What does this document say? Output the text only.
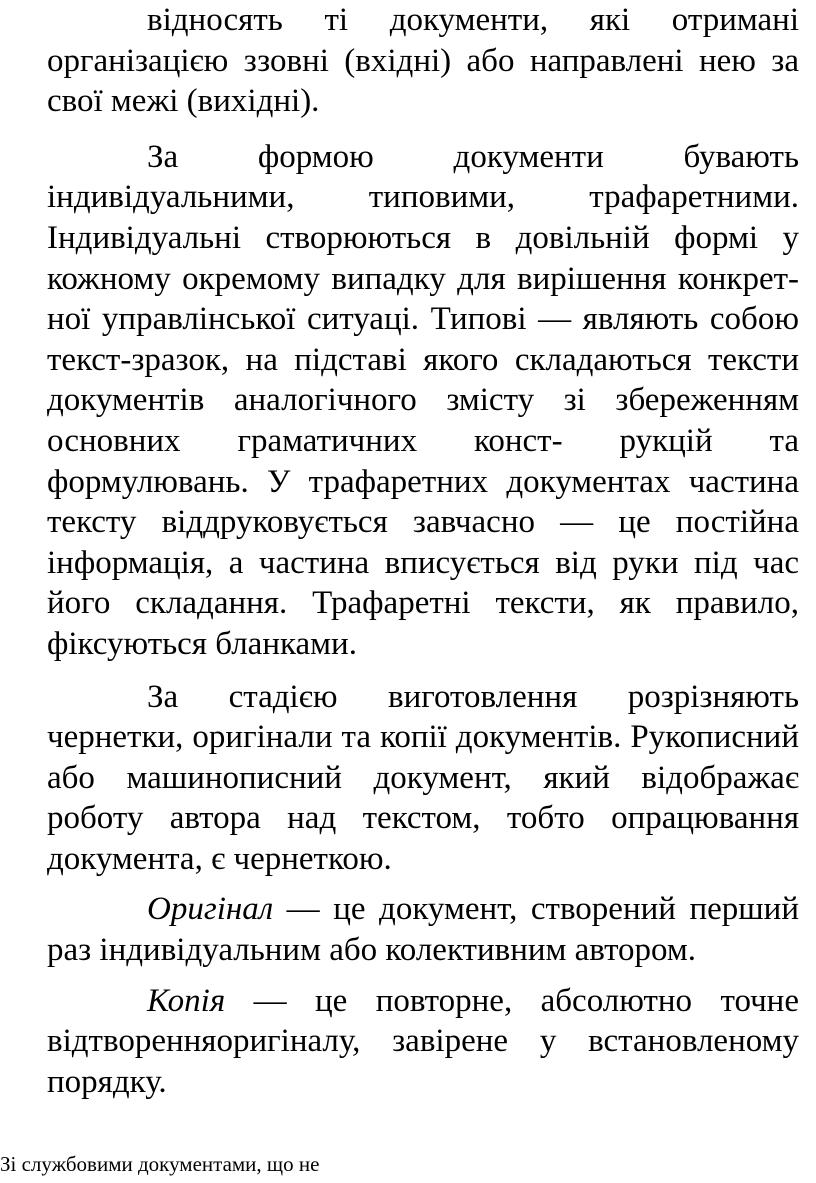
відносять ті документи, які отримані організацією ззовні (вхідні) або направлені нею за свої межі (вихідні).

За формою документи бувають індивідуальними, типовими, трафаретними. Індивідуальні створюються в довільній формі у кожному окремому випадку для вирішення конкрет- ної управлінської ситуаці. Типові — являють собою текст-зразок, на підставі якого складаються тексти документів аналогічного змісту зі збереженням основних граматичних конст- рукцій та формулювань. У трафаретних документах частина тексту віддруковується завчасно — це постійна інформація, а частина вписується від руки під час його складання. Трафаретні тексти, як правило, фіксуються бланками.

За стадією виготовлення розрізняють чернетки, оригінали та копії документів. Рукописний або машинописний документ, який відображає роботу автора над текстом, тобто опрацювання документа, є чернеткою.

Оригінал — це документ, створений перший раз індивідуальним або колективним автором.

Копія — це повторне, абсолютно точне відтворенняоригіналу, завірене у встановленому порядку.

Зі службовими документами, що не
